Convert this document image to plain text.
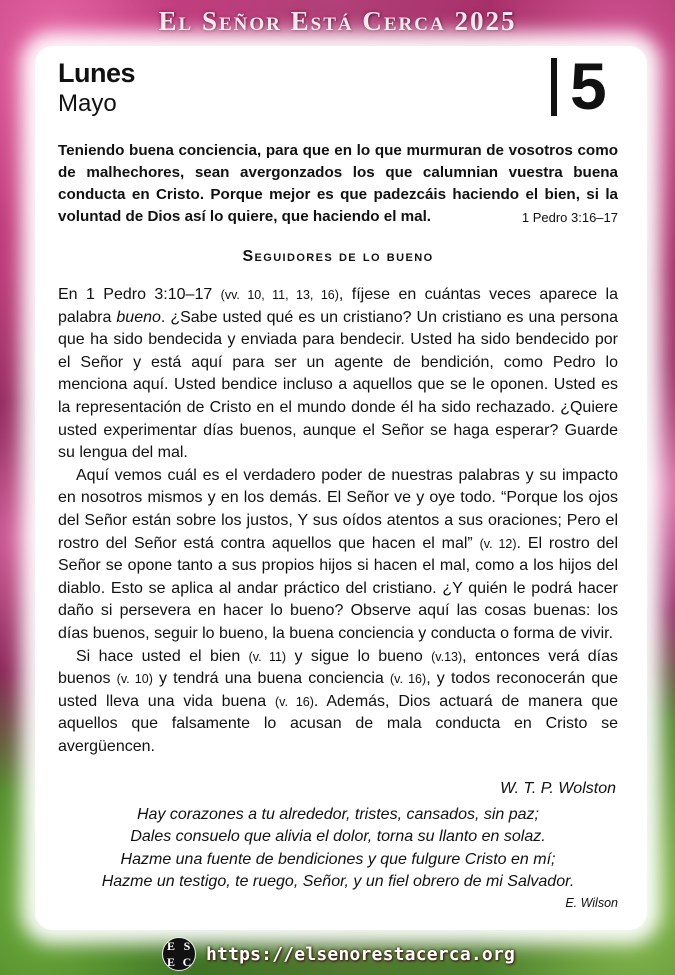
El Señor Está Cerca 2025
Lunes
Mayo	5
Teniendo buena conciencia, para que en lo que murmuran de vosotros como de malhechores, sean avergonzados los que calumnian vuestra buena conducta en Cristo. Porque mejor es que padezcáis haciendo el bien, si la voluntad de Dios así lo quiere, que haciendo el mal.	1 Pedro 3:16–17
Seguidores de lo bueno

En 1 Pedro 3:10–17 (vv. 10, 11, 13, 16), fíjese en cuántas veces aparece la palabra bueno. ¿Sabe usted qué es un cristiano? Un cristiano es una persona que ha sido bendecida y enviada para bendecir. Usted ha sido bendecido por el Señor y está aquí para ser un agente de bendición, como Pedro lo menciona aquí. Usted bendice incluso a aquellos que se le oponen. Usted es la representación de Cristo en el mundo donde él ha sido rechazado. ¿Quiere usted experimentar días buenos, aunque el Señor se haga esperar? Guarde su lengua del mal.

Aquí vemos cuál es el verdadero poder de nuestras palabras y su impacto en nosotros mismos y en los demás. El Señor ve y oye todo. “Porque los ojos del Señor están sobre los justos, Y sus oídos atentos a sus oraciones; Pero el rostro del Señor está contra aquellos que hacen el mal” (v. 12). El rostro del Señor se opone tanto a sus propios hijos si hacen el mal, como a los hijos del diablo. Esto se aplica al andar práctico del cristiano. ¿Y quién le podrá hacer daño si persevera en hacer lo bueno? Observe aquí las cosas buenas: los días buenos, seguir lo bueno, la buena conciencia y conducta o forma de vivir.

Si hace usted el bien (v. 11) y sigue lo bueno (v.13), entonces verá días buenos (v. 10) y tendrá una buena conciencia (v. 16), y todos reconocerán que usted lleva una vida buena (v. 16). Además, Dios actuará de manera que aquellos que falsamente lo acusan de mala conducta en Cristo se avergüencen.

W. T. P. Wolston
Hay corazones a tu alrededor, tristes, cansados, sin paz;
Dales consuelo que alivia el dolor, torna su llanto en solaz.
Hazme una fuente de bendiciones y que fulgure Cristo en mí;
Hazme un testigo, te ruego, Señor, y un fiel obrero de mi Salvador.
E. Wilson
E S
E C https://elsenorestacerca.org
